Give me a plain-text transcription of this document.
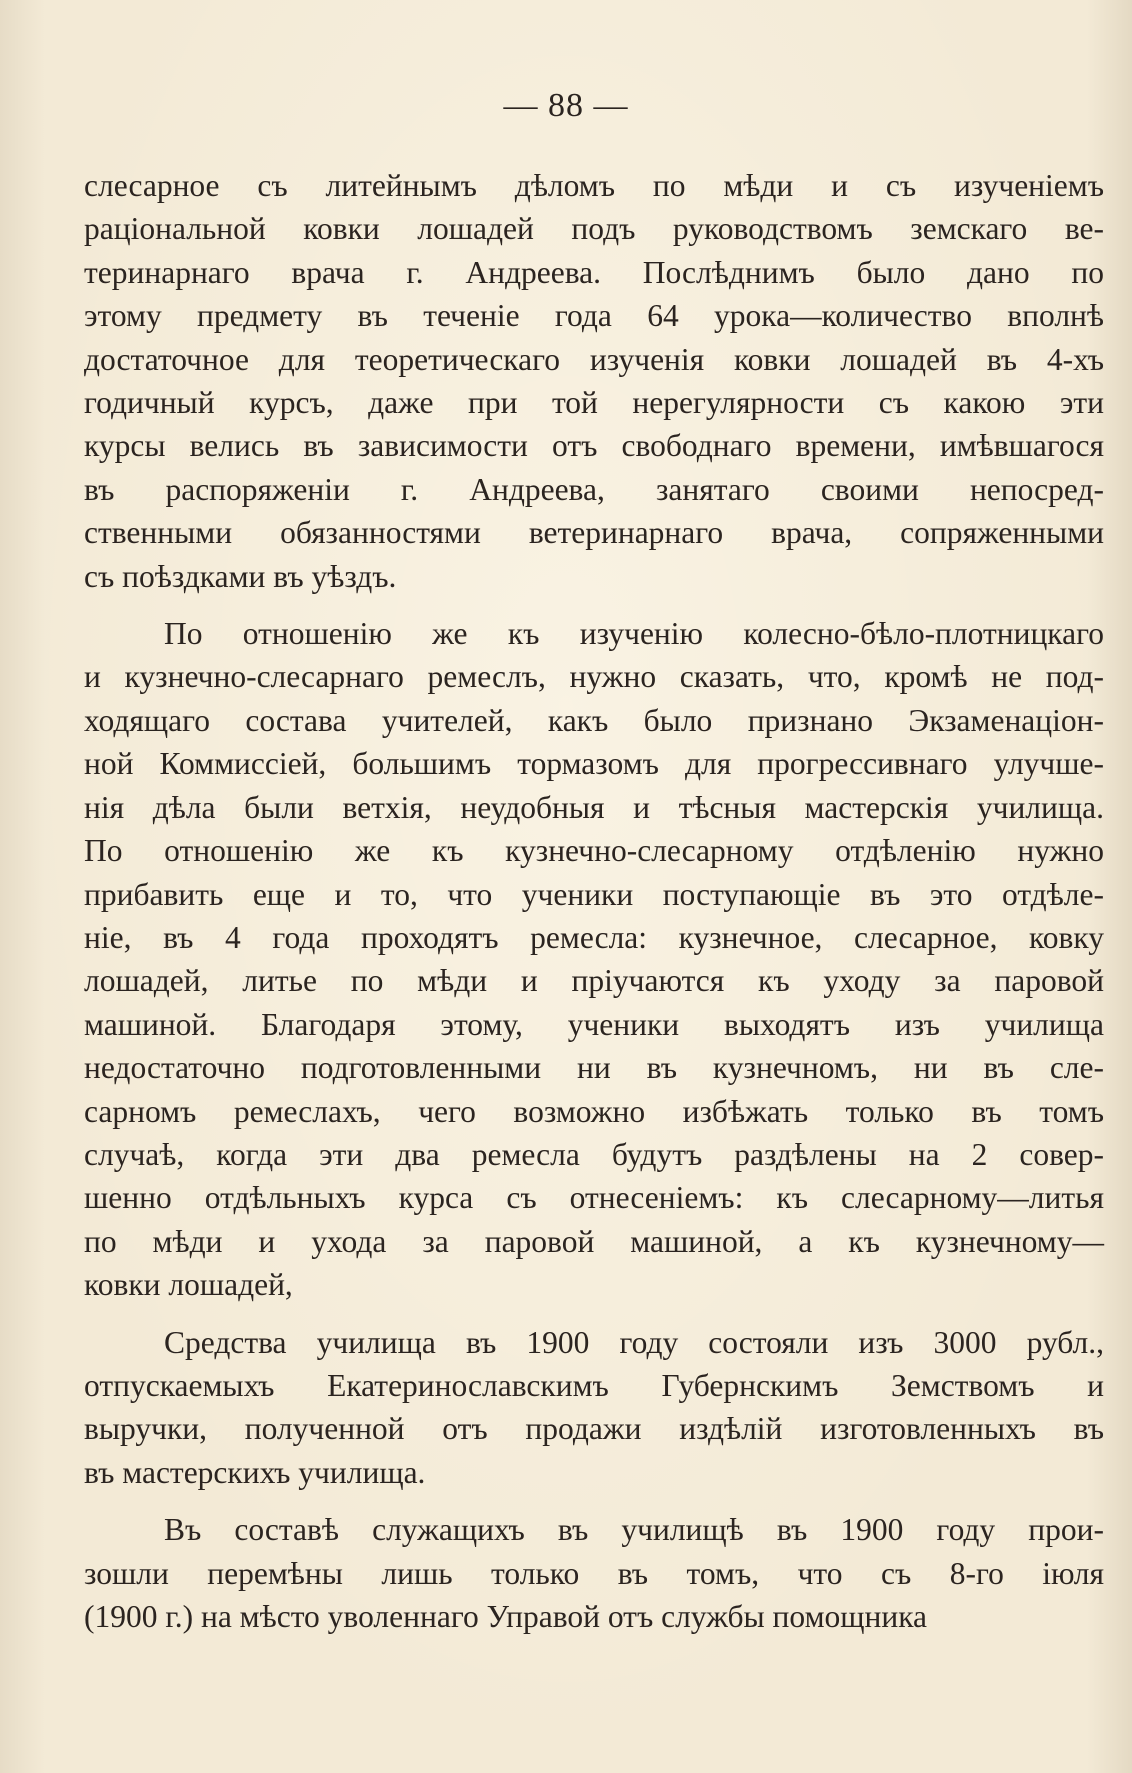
— 88 —
слесарное съ литейнымъ дѣломъ по мѣди и съ изученіемъ
раціональной ковки лошадей подъ руководствомъ земскаго ве-
теринарнаго врача г. Андреева. Послѣднимъ было дано по
этому предмету въ теченіе года 64 урока—количество вполнѣ
достаточное для теоретическаго изученія ковки лошадей въ 4-хъ
годичный курсъ, даже при той нерегулярности съ какою эти
курсы велись въ зависимости отъ свободнаго времени, имѣвшагося
въ распоряженіи г. Андреева, занятаго своими непосред-
ственными обязанностями ветеринарнаго врача, сопряженными
съ поѣздками въ уѣздъ.
По отношенію же къ изученію колесно-бѣло-плотницкаго
и кузнечно-слесарнаго ремеслъ, нужно сказать, что, кромѣ не под-
ходящаго состава учителей, какъ было признано Экзаменаціон-
ной Коммиссіей, большимъ тормазомъ для прогрессивнаго улучше-
нія дѣла были ветхія, неудобныя и тѣсныя мастерскія училища.
По отношенію же къ кузнечно-слесарному отдѣленію нужно
прибавить еще и то, что ученики поступающіе въ это отдѣле-
ніе, въ 4 года проходятъ ремесла: кузнечное, слесарное, ковку
лошадей, литье по мѣди и пріучаются къ уходу за паровой
машиной. Благодаря этому, ученики выходятъ изъ училища
недостаточно подготовленными ни въ кузнечномъ, ни въ сле-
сарномъ ремеслахъ, чего возможно избѣжать только въ томъ
случаѣ, когда эти два ремесла будутъ раздѣлены на 2 совер-
шенно отдѣльныхъ курса съ отнесеніемъ: къ слесарному—литья
по мѣди и ухода за паровой машиной, а къ кузнечному—
ковки лошадей,
Средства училища въ 1900 году состояли изъ 3000 рубл.,
отпускаемыхъ Екатеринославскимъ Губернскимъ Земствомъ и
выручки, полученной отъ продажи издѣлій изготовленныхъ въ
въ мастерскихъ училища.
Въ составѣ служащихъ въ училищѣ въ 1900 году прои-
зошли перемѣны лишь только въ томъ, что съ 8-го іюля
(1900 г.) на мѣсто уволеннаго Управой отъ службы помощника
